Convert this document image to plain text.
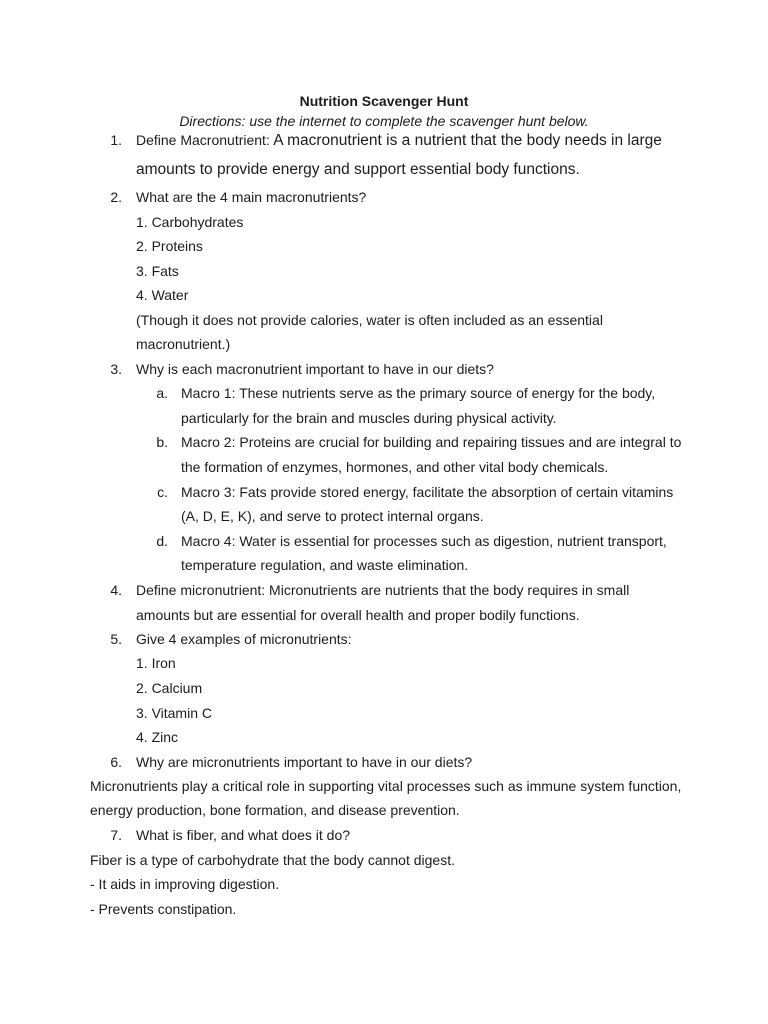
Nutrition Scavenger Hunt
Directions: use the internet to complete the scavenger hunt below.
1. Define Macronutrient: A macronutrient is a nutrient that the body needs in large
amounts to provide energy and support essential body functions.
2. What are the 4 main macronutrients?
1. Carbohydrates
2. Proteins
3. Fats
4. Water
(Though it does not provide calories, water is often included as an essential
macronutrient.)
3. Why is each macronutrient important to have in our diets?
a. Macro 1: These nutrients serve as the primary source of energy for the body,
particularly for the brain and muscles during physical activity.
b. Macro 2: Proteins are crucial for building and repairing tissues and are integral to
the formation of enzymes, hormones, and other vital body chemicals.
c. Macro 3: Fats provide stored energy, facilitate the absorption of certain vitamins
(A, D, E, K), and serve to protect internal organs.
d. Macro 4: Water is essential for processes such as digestion, nutrient transport,
temperature regulation, and waste elimination.
4. Define micronutrient: Micronutrients are nutrients that the body requires in small
amounts but are essential for overall health and proper bodily functions.
5. Give 4 examples of micronutrients:
1. Iron
2. Calcium
3. Vitamin C
4. Zinc
6. Why are micronutrients important to have in our diets?
Micronutrients play a critical role in supporting vital processes such as immune system function,
energy production, bone formation, and disease prevention.
7. What is fiber, and what does it do?
Fiber is a type of carbohydrate that the body cannot digest.
- It aids in improving digestion.
- Prevents constipation.
